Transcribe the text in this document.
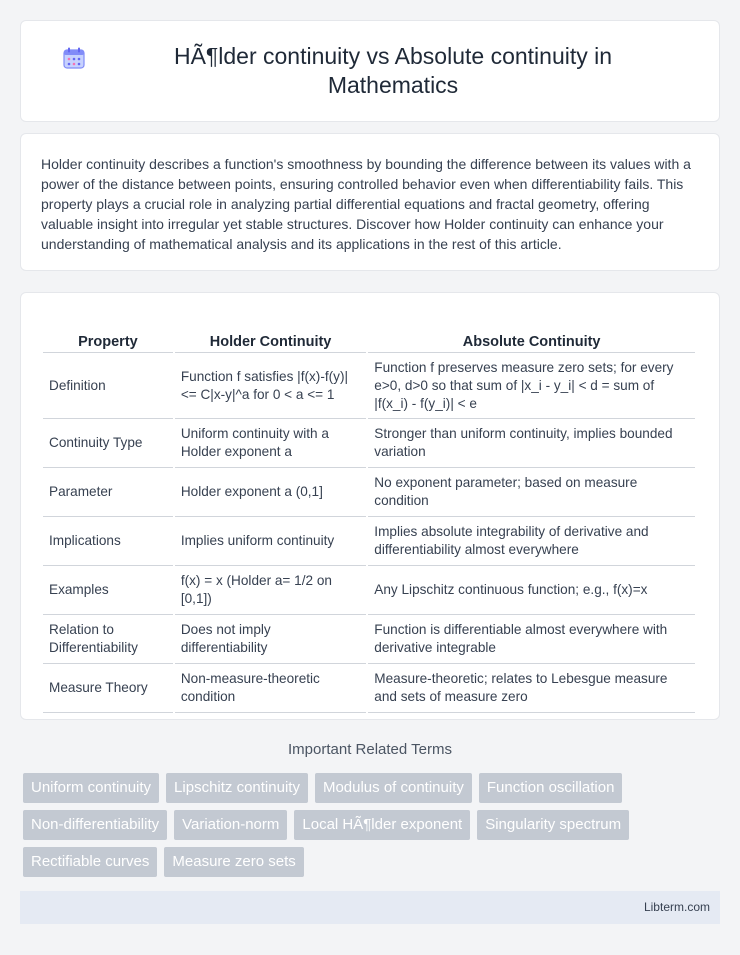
HÃ¶lder continuity vs Absolute continuity in Mathematics

Holder continuity describes a function's smoothness by bounding the difference between its values with a power of the distance between points, ensuring controlled behavior even when differentiability fails. This property plays a crucial role in analyzing partial differential equations and fractal geometry, offering valuable insight into irregular yet stable structures. Discover how Holder continuity can enhance your understanding of mathematical analysis and its applications in the rest of this article.

Property	Holder Continuity	Absolute Continuity
Definition	Function f satisfies |f(x)-f(y)| <= C|x-y|^a for 0 < a <= 1	Function f preserves measure zero sets; for every e>0, d>0 so that sum of |x_i - y_i| < d = sum of |f(x_i) - f(y_i)| < e
Continuity Type	Uniform continuity with a Holder exponent a	Stronger than uniform continuity, implies bounded variation
Parameter	Holder exponent a (0,1]	No exponent parameter; based on measure condition
Implications	Implies uniform continuity	Implies absolute integrability of derivative and differentiability almost everywhere
Examples	f(x) = x (Holder a= 1/2 on [0,1])	Any Lipschitz continuous function; e.g., f(x)=x
Relation to Differentiability	Does not imply differentiability	Function is differentiable almost everywhere with derivative integrable
Measure Theory	Non-measure-theoretic condition	Measure-theoretic; relates to Lebesgue measure and sets of measure zero
Important Related Terms
Uniform continuity	Lipschitz continuity	Modulus of continuity	Function oscillation
Non-differentiability	Variation-norm	Local HÃ¶lder exponent	Singularity spectrum
Rectifiable curves	Measure zero sets
Libterm.com
